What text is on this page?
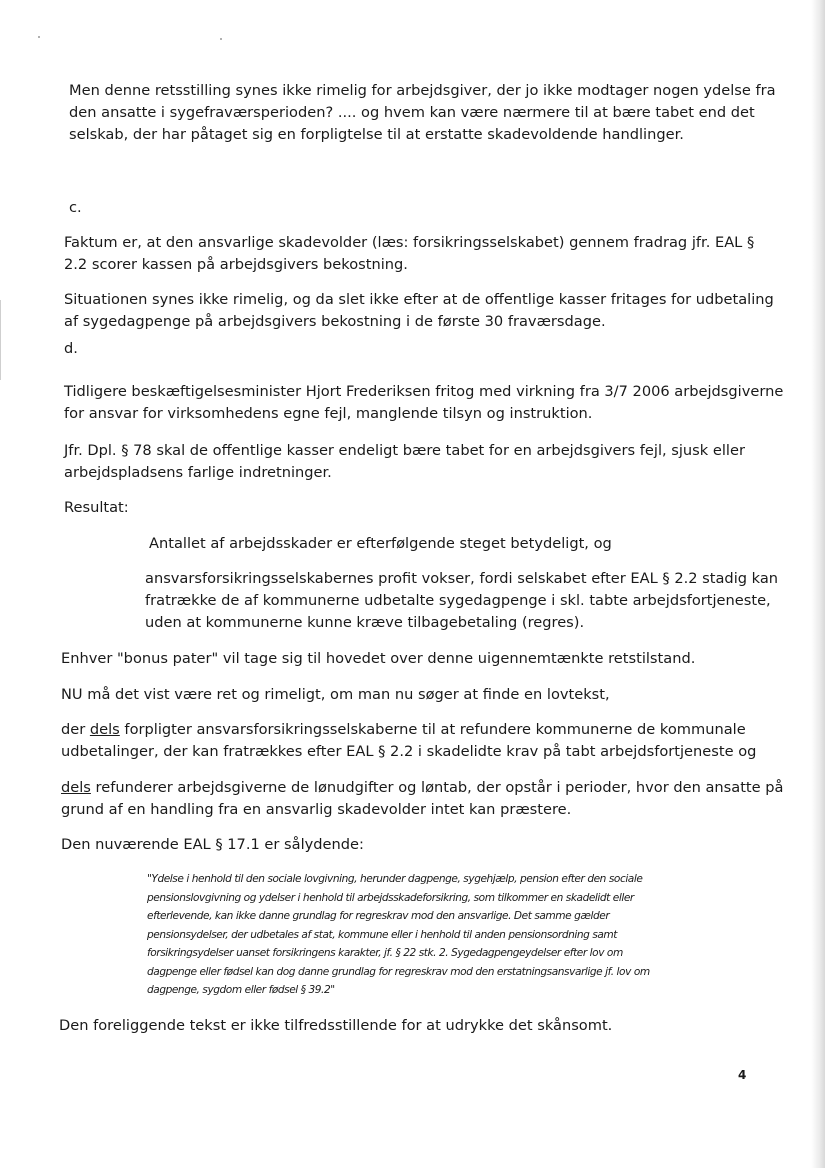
Men denne retsstilling synes ikke rimelig for arbejdsgiver, der jo ikke modtager nogen ydelse fra
den ansatte i sygefraværsperioden? .... og hvem kan være nærmere til at bære tabet end det
selskab, der har påtaget sig en forpligtelse til at erstatte skadevoldende handlinger.

c.

Faktum er, at den ansvarlige skadevolder (læs: forsikringsselskabet) gennem fradrag jfr. EAL §
2.2 scorer kassen på arbejdsgivers bekostning.

Situationen synes ikke rimelig, og da slet ikke efter at de offentlige kasser fritages for udbetaling
af sygedagpenge på arbejdsgivers bekostning i de første 30 fraværsdage.

d.

Tidligere beskæftigelsesminister Hjort Frederiksen fritog med virkning fra 3/7 2006 arbejdsgiverne
for ansvar for virksomhedens egne fejl, manglende tilsyn og instruktion.

Jfr. Dpl. § 78 skal de offentlige kasser endeligt bære tabet for en arbejdsgivers fejl, sjusk eller
arbejdspladsens farlige indretninger.

Resultat:

Antallet af arbejdsskader er efterfølgende steget betydeligt, og

ansvarsforsikringsselskabernes profit vokser, fordi selskabet efter EAL § 2.2 stadig kan
fratrække de af kommunerne udbetalte sygedagpenge i skl. tabte arbejdsfortjeneste,
uden at kommunerne kunne kræve tilbagebetaling (regres).

Enhver "bonus pater" vil tage sig til hovedet over denne uigennemtænkte retstilstand.

NU må det vist være ret og rimeligt, om man nu søger at finde en lovtekst,

der dels forpligter ansvarsforsikringsselskaberne til at refundere kommunerne de kommunale
udbetalinger, der kan fratrækkes efter EAL § 2.2 i skadelidte krav på tabt arbejdsfortjeneste og

dels refunderer arbejdsgiverne de lønudgifter og løntab, der opstår i perioder, hvor den ansatte på
grund af en handling fra en ansvarlig skadevolder intet kan præstere.

Den nuværende EAL § 17.1 er sålydende:

"Ydelse i henhold til den sociale lovgivning, herunder dagpenge, sygehjælp, pension efter den sociale
pensionslovgivning og ydelser i henhold til arbejdsskadeforsikring, som tilkommer en skadelidt eller
efterlevende, kan ikke danne grundlag for regreskrav mod den ansvarlige. Det samme gælder
pensionsydelser, der udbetales af stat, kommune eller i henhold til anden pensionsordning samt
forsikringsydelser uanset forsikringens karakter, jf. § 22 stk. 2. Sygedagpengeydelser efter lov om
dagpenge eller fødsel kan dog danne grundlag for regreskrav mod den erstatningsansvarlige jf. lov om
dagpenge, sygdom eller fødsel § 39.2"

Den foreliggende tekst er ikke tilfredsstillende for at udrykke det skånsomt.

4
